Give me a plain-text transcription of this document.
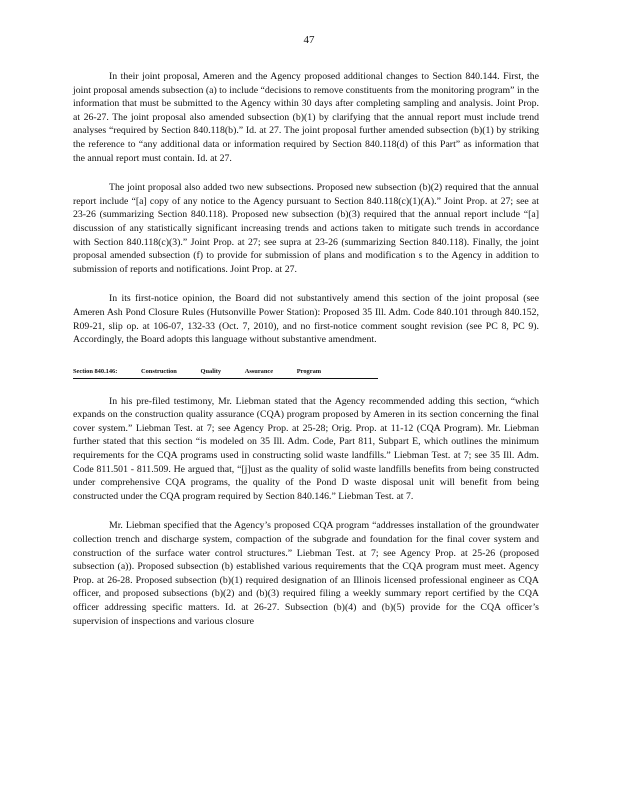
47

In their joint proposal, Ameren and the Agency proposed additional changes to Section 840.144. First, the joint proposal amends subsection (a) to include “decisions to remove constituents from the monitoring program” in the information that must be submitted to the Agency within 30 days after completing sampling and analysis. Joint Prop. at 26-27. The joint proposal also amended subsection (b)(1) by clarifying that the annual report must include trend analyses “required by Section 840.118(b).” Id. at 27. The joint proposal further amended subsection (b)(1) by striking the reference to “any additional data or information required by Section 840.118(d) of this Part” as information that the annual report must contain. Id. at 27.

The joint proposal also added two new subsections. Proposed new subsection (b)(2) required that the annual report include “[a] copy of any notice to the Agency pursuant to Section 840.118(c)(1)(A).” Joint Prop. at 27; see at 23-26 (summarizing Section 840.118). Proposed new subsection (b)(3) required that the annual report include “[a] discussion of any statistically significant increasing trends and actions taken to mitigate such trends in accordance with Section 840.118(c)(3).” Joint Prop. at 27; see supra at 23-26 (summarizing Section 840.118). Finally, the joint proposal amended subsection (f) to provide for submission of plans and modification s to the Agency in addition to submission of reports and notifications. Joint Prop. at 27.

In its first-notice opinion, the Board did not substantively amend this section of the joint proposal (see Ameren Ash Pond Closure Rules (Hutsonville Power Station): Proposed 35 Ill. Adm. Code 840.101 through 840.152, R09-21, slip op. at 106-07, 132-33 (Oct. 7, 2010), and no first-notice comment sought revision (see PC 8, PC 9). Accordingly, the Board adopts this language without substantive amendment.

Section 840.146:	Construction	Quality	Assurance	Program

In his pre-filed testimony, Mr. Liebman stated that the Agency recommended adding this section, “which expands on the construction quality assurance (CQA) program proposed by Ameren in its section concerning the final cover system.” Liebman Test. at 7; see Agency Prop. at 25-28; Orig. Prop. at 11-12 (CQA Program). Mr. Liebman further stated that this section “is modeled on 35 Ill. Adm. Code, Part 811, Subpart E, which outlines the minimum requirements for the CQA programs used in constructing solid waste landfills.” Liebman Test. at 7; see 35 Ill. Adm. Code 811.501 - 811.509. He argued that, “[j]ust as the quality of solid waste landfills benefits from being constructed under comprehensive CQA programs, the quality of the Pond D waste disposal unit will benefit from being constructed under the CQA program required by Section 840.146.” Liebman Test. at 7.

Mr. Liebman specified that the Agency’s proposed CQA program “addresses installation of the groundwater collection trench and discharge system, compaction of the subgrade and foundation for the final cover system and construction of the surface water control structures.” Liebman Test. at 7; see Agency Prop. at 25-26 (proposed subsection (a)). Proposed subsection (b) established various requirements that the CQA program must meet. Agency Prop. at 26-28. Proposed subsection (b)(1) required designation of an Illinois licensed professional engineer as CQA officer, and proposed subsections (b)(2) and (b)(3) required filing a weekly summary report certified by the CQA officer addressing specific matters. Id. at 26-27. Subsection (b)(4) and (b)(5) provide for the CQA officer’s supervision of inspections and various closure
